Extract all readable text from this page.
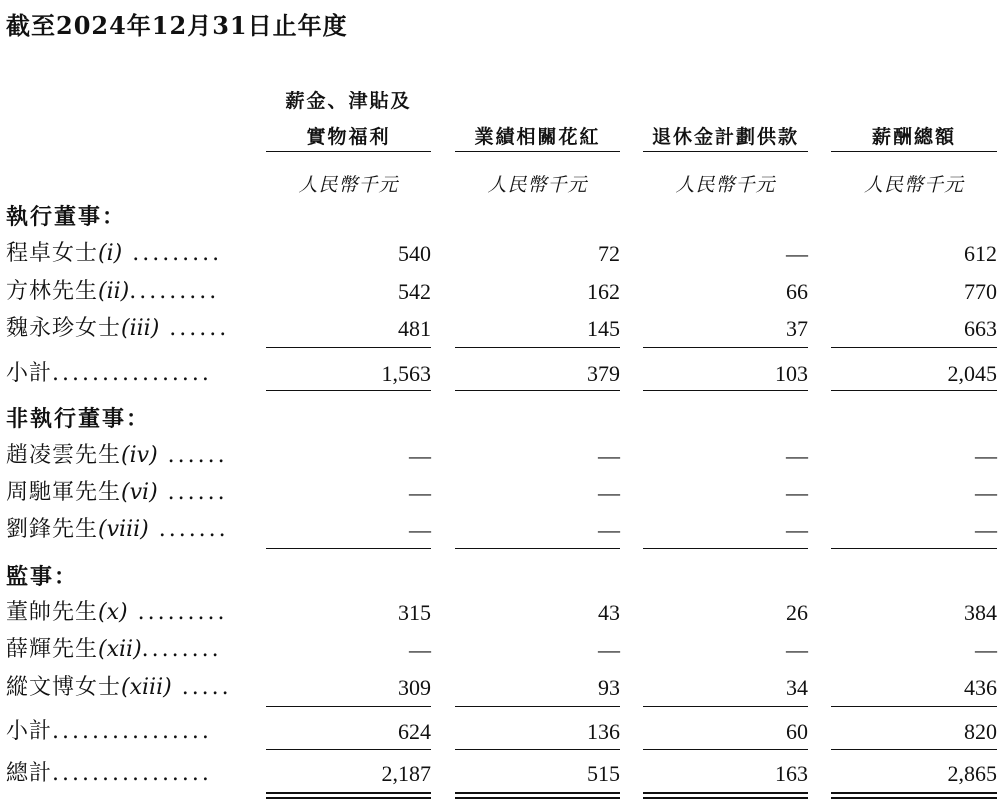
截至2024年12月31日止年度
薪金、津貼及
實物福利	業績相關花紅	退休金計劃供款	薪酬總額
人民幣千元	人民幣千元	人民幣千元	人民幣千元
執行董事：
程卓女士(i) .........	540	72	—	612
方林先生(ii).........	542	162	66	770
魏永珍女士(iii) ......	481	145	37	663
小計................	1,563	379	103	2,045
非執行董事：
趙凌雲先生(iv) ......	—	—	—	—
周馳軍先生(vi) ......	—	—	—	—
劉鋒先生(viii) .......	—	—	—	—
監事：
董帥先生(x) .........	315	43	26	384
薛輝先生(xii)........	—	—	—	—
縱文博女士(xiii) .....	309	93	34	436
小計................	624	136	60	820
總計................	2,187	515	163	2,865
